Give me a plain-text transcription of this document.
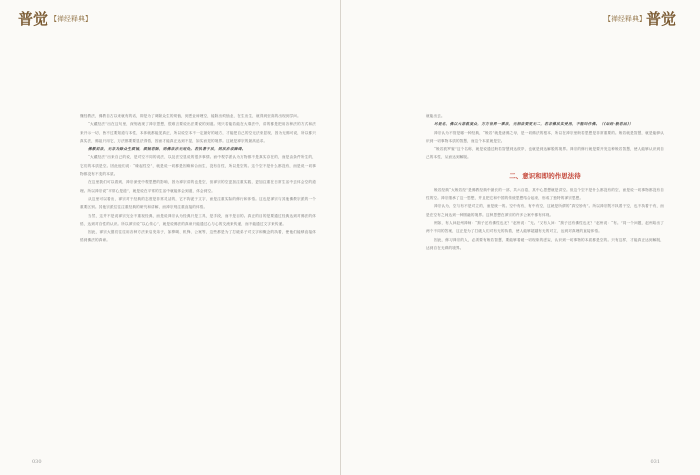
普觉 【禅经释典】

懂经教法，佛教自古以来就有的话，即是为了调除众生的烦恼，到恶业谛理空，能除出烦恼业，在生出生，就得到至高的出现到学问。

“大藏经法”出在这句里，深刻表现了禅宗思想，很难言要说出法要说的到道。则只若能若能在大乘法中，讲的都是把用各种法的方式和法来开示一切，皆不过要知道与本性，本体就都能见真正，所以说空本不一定最好的地方，才能把自己的空无法来显现，因为无佛可说，所以都只真实法，佛祖只用它，万法都要要显法得悟，因而才能真正达到不显，如实而见的境界。这就是禅宗的最高追求。

佛教说法，无非为除众生烦恼，烦恼若除，则佛法亦无用处。若执著于法，则法亦成障碍。

“大藏经法”出来自己的说，是对空不同的说法，以及法空显说的很多事情。而中观学派认为万物都不是真实存在的，而是由条件所生的，它们的本质是空。因此他们说：“缘起性空”，就是说一切都是因缘和合而生，没有自性，所以是空的。这个空不是什么都没有，而是说一切事物都没有不变的本质。

在这里我们可以看到，禅宗深受中观思想的影响，因为禅宗讲的也是空，但禅宗的空更加注重实践，更加注重在日常生活中去体会空的道理。所以禅宗说“平常心是道”，就是说在平常的生活中就能体会到道，体会到空。

从这里可以看出，禅宗对于经典的态度是非常灵活的，它不拘泥于文字，而是注重实际的修行和体悟。这也是禅宗与其他佛教宗派的一个重要区别。其他宗派往往注重经典的研究和讲解，而禅宗则注重直接的体悟。

当然，这并不是说禅宗完全不重视经典，而是说禅宗认为经典只是工具，是手段，而不是目的。真正的目的是要通过经典达到对佛法的体悟，达到对自性的认识。所以禅宗说“以心传心”，就是说佛法的真谛只能通过心与心的交流来传递，而不能通过文字来传递。

因此，禅宗大德们往往用各种方法来启发弟子，如棒喝、机锋、公案等，这些都是为了打破弟子对文字和概念的执着，使他们能够直接体悟到佛法的真谛。

030
【禅经释典】 普觉

就能出去。

尽是名，佛以大悲救度众，方方世界一乘法，无相法要更无二，若非佛法实受用，不能叫作佛。（《坛经·般若品》）

禅宗认为不管是哪一种经典，“般若”就是诸佛之母，是一切佛法的根本，所以在禅宗里般若思想是非常重要的。般若就是智慧，就是能够认识到一切事物本质的智慧，而这个本质就是空。

“般若波罗蜜”这个名称，就是说通过般若智慧到达彼岸，也就是到达解脱的境界。禅宗的修行就是要开发这种般若智慧，使人能够认识到自己的本性，从而达到解脱。

二、意识和即的作思法待

般若经典“大般若经”是佛教经典中最长的一部，共六百卷，其中心思想就是讲空。但这个空不是什么都没有的空，而是说一切事物都没有自性的空。禅宗继承了这一思想，并且把它和中国的传统思想结合起来，形成了独特的禅宗思想。

禅宗认为，空与有不是对立的，而是统一的。空中有有，有中有空，这就是所谓的“真空妙有”。所以禅宗既不执着于空，也不执着于有，而是在空有之间达到一种圆融的境界。这种思想在禅宗的许多公案中都有体现。

例如，有人问赵州禅师：“狗子还有佛性也无？”赵州说：“无。”又有人问：“狗子还有佛性也无？”赵州说：“有。”同一个问题，赵州给出了两个不同的答案，这正是为了打破人们对有无的执着，使人能够超越有无的对立，达到对真理的直接体悟。

因此，修习禅宗的人，必须要有般若智慧，要能够看破一切现象的虚妄，认识到一切事物的本质都是空的。只有这样，才能真正达到解脱，达到自在无碍的境界。

031
